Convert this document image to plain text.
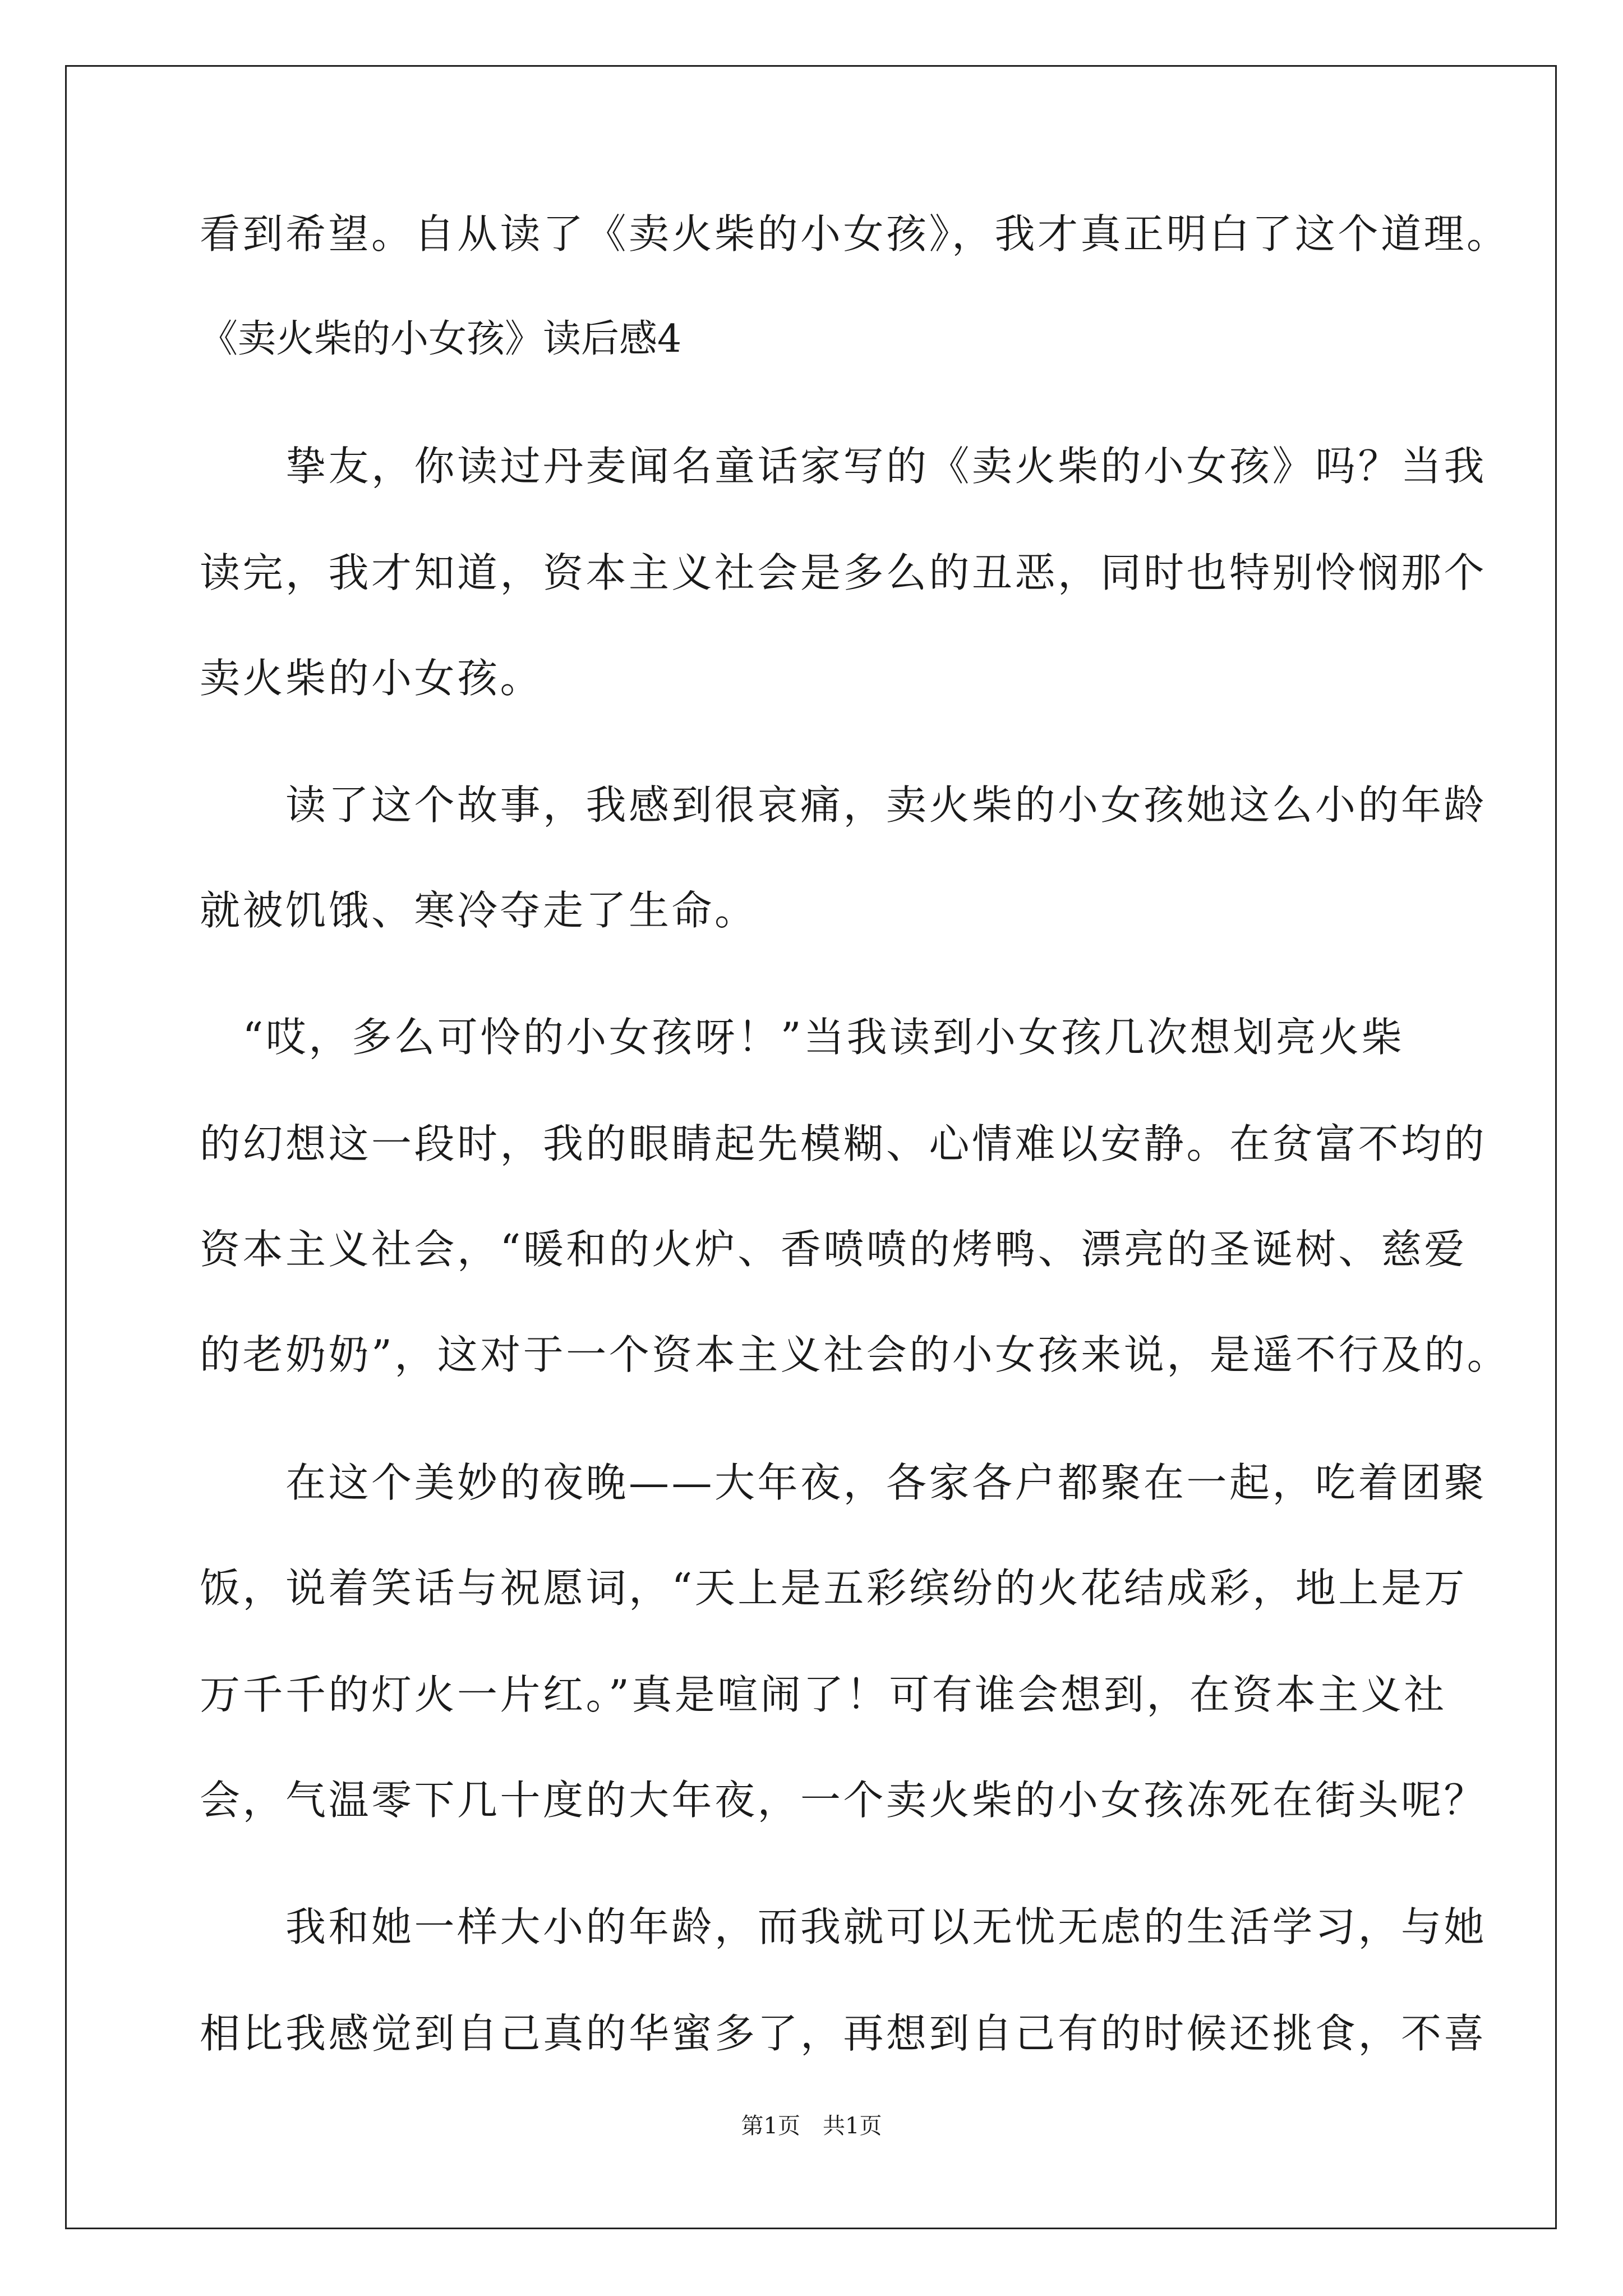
看到希望。自从读了《卖火柴的小女孩》，我才真正明白了这个道理。
《卖火柴的小女孩》读后感4
　　挚友，你读过丹麦闻名童话家写的《卖火柴的小女孩》吗？当我
读完，我才知道，资本主义社会是多么的丑恶，同时也特别怜悯那个
卖火柴的小女孩。
　　读了这个故事，我感到很哀痛，卖火柴的小女孩她这么小的年龄
就被饥饿、寒冷夺走了生命。
　“哎，多么可怜的小女孩呀！”当我读到小女孩几次想划亮火柴
的幻想这一段时，我的眼睛起先模糊、心情难以安静。在贫富不均的
资本主义社会，“暖和的火炉、香喷喷的烤鸭、漂亮的圣诞树、慈爱
的老奶奶”，这对于一个资本主义社会的小女孩来说，是遥不行及的。
　　在这个美妙的夜晚——大年夜，各家各户都聚在一起，吃着团聚
饭，说着笑话与祝愿词，“天上是五彩缤纷的火花结成彩，地上是万
万千千的灯火一片红。”真是喧闹了！可有谁会想到，在资本主义社
会，气温零下几十度的大年夜，一个卖火柴的小女孩冻死在街头呢？
　　我和她一样大小的年龄，而我就可以无忧无虑的生活学习，与她
相比我感觉到自己真的华蜜多了，再想到自己有的时候还挑食，不喜
第1页　共1页
